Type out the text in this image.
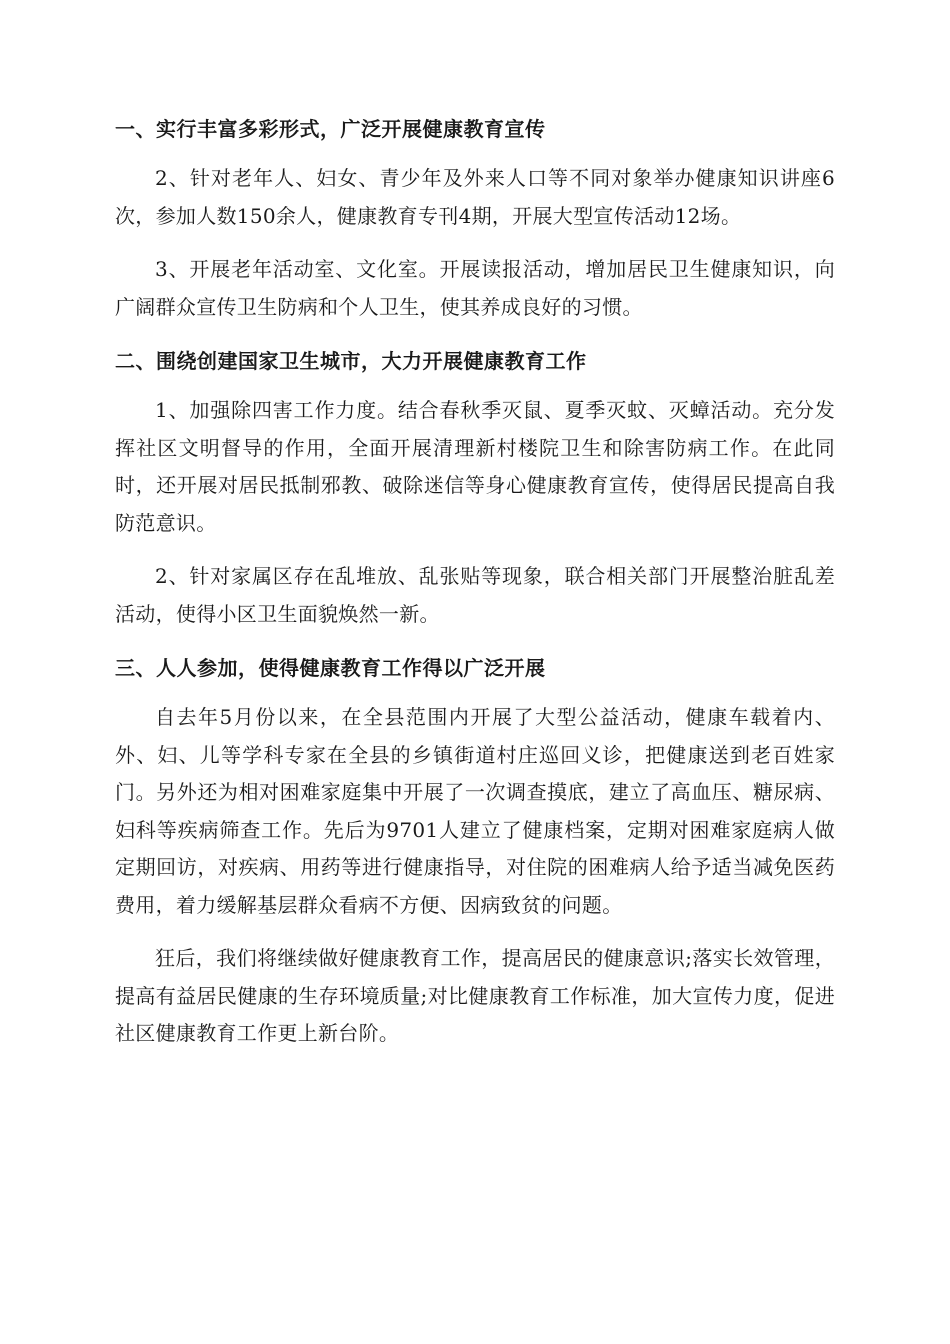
一、实行丰富多彩形式，广泛开展健康教育宣传

2、针对老年人、妇女、青少年及外来人口等不同对象举办健康知识讲座6次，参加人数150余人，健康教育专刊4期，开展大型宣传活动12场。

3、开展老年活动室、文化室。开展读报活动，增加居民卫生健康知识，向广阔群众宣传卫生防病和个人卫生，使其养成良好的习惯。

二、围绕创建国家卫生城市，大力开展健康教育工作

1、加强除四害工作力度。结合春秋季灭鼠、夏季灭蚊、灭蟑活动。充分发挥社区文明督导的作用，全面开展清理新村楼院卫生和除害防病工作。在此同时，还开展对居民抵制邪教、破除迷信等身心健康教育宣传，使得居民提高自我防范意识。

2、针对家属区存在乱堆放、乱张贴等现象，联合相关部门开展整治脏乱差活动，使得小区卫生面貌焕然一新。

三、人人参加，使得健康教育工作得以广泛开展

自去年5月份以来，在全县范围内开展了大型公益活动，健康车载着内、外、妇、儿等学科专家在全县的乡镇街道村庄巡回义诊，把健康送到老百姓家门。另外还为相对困难家庭集中开展了一次调查摸底，建立了高血压、糖尿病、妇科等疾病筛查工作。先后为9701人建立了健康档案，定期对困难家庭病人做定期回访，对疾病、用药等进行健康指导，对住院的困难病人给予适当减免医药费用，着力缓解基层群众看病不方便、因病致贫的问题。

狂后，我们将继续做好健康教育工作，提高居民的健康意识;落实长效管理，提高有益居民健康的生存环境质量;对比健康教育工作标准，加大宣传力度，促进社区健康教育工作更上新台阶。
